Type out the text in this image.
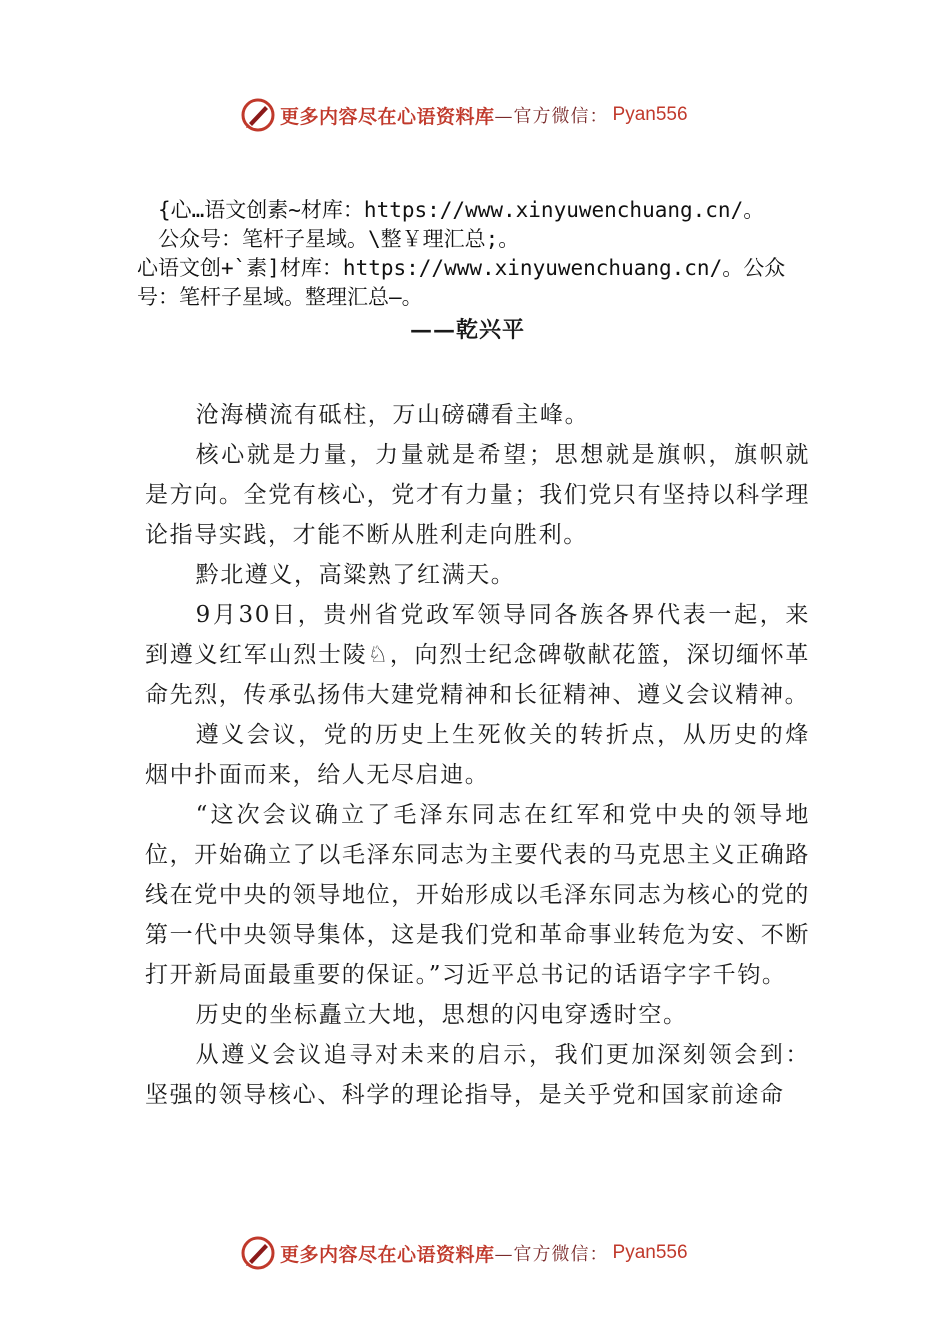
更多内容尽在心语资料库 —官方微信： Pyan556
{心…语文创素~材库：https://www.xinyuwenchuang.cn/。
公众号：笔杆子星域。\整￥理汇总;。
心语文创+`素]材库：https://www.xinyuwenchuang.cn/。公众
号：笔杆子星域。整理汇总—。
——乾兴平

沧海横流有砥柱，万山磅礴看主峰。

核心就是力量，力量就是希望；思想就是旗帜，旗帜就是方向。全党有核心，党才有力量；我们党只有坚持以科学理论指导实践，才能不断从胜利走向胜利。

黔北遵义，高粱熟了红满天。

9月30日，贵州省党政军领导同各族各界代表一起，来到遵义红军山烈士陵♘，向烈士纪念碑敬献花篮，深切缅怀革命先烈，传承弘扬伟大建党精神和长征精神、遵义会议精神。

遵义会议，党的历史上生死攸关的转折点，从历史的烽烟中扑面而来，给人无尽启迪。

“这次会议确立了毛泽东同志在红军和党中央的领导地位，开始确立了以毛泽东同志为主要代表的马克思主义正确路线在党中央的领导地位，开始形成以毛泽东同志为核心的党的第一代中央领导集体，这是我们党和革命事业转危为安、不断打开新局面最重要的保证。”习近平总书记的话语字字千钧。

历史的坐标矗立大地，思想的闪电穿透时空。

从遵义会议追寻对未来的启示，我们更加深刻领会到：坚强的领导核心、科学的理论指导，是关乎党和国家前途命

更多内容尽在心语资料库 —官方微信： Pyan556
